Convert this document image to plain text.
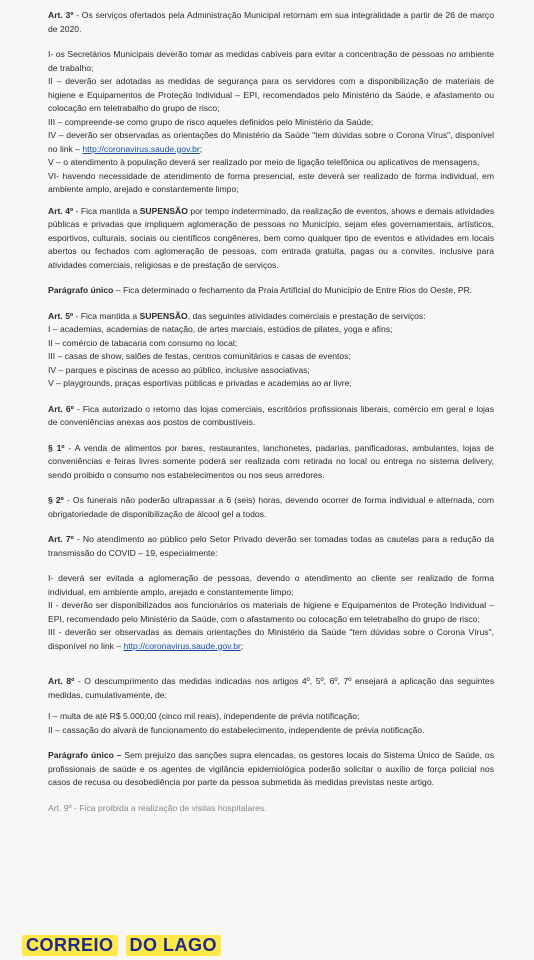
Art. 3º - Os serviços ofertados pela Administração Municipal retornam em sua integralidade a partir de 26 de março de 2020.

I- os Secretários Municipais deverão tomar as medidas cabíveis para evitar a concentração de pessoas no ambiente de trabalho;
II – deverão ser adotadas as medidas de segurança para os servidores com a disponibilização de materiais de higiene e Equipamentos de Proteção Individual – EPI, recomendados pelo Ministério da Saúde, e afastamento ou colocação em teletrabalho do grupo de risco;
III – compreende-se como grupo de risco aqueles definidos pelo Ministério da Saúde;
IV – deverão ser observadas as orientações do Ministério da Saúde "tem dúvidas sobre o Corona Vírus", disponível no link – http://coronavirus.saude.gov.br;
V – o atendimento à população deverá ser realizado por meio de ligação telefônica ou aplicativos de mensagens,
VI- havendo necessidade de atendimento de forma presencial, este deverá ser realizado de forma individual, em ambiente amplo, arejado e constantemente limpo;

Art. 4º - Fica mantida a SUPENSÃO por tempo indeterminado, da realização de eventos, shows e demais atividades públicas e privadas que impliquem aglomeração de pessoas no Município, sejam eles governamentais, artísticos, esportivos, culturais, sociais ou científicos congêneres, bem como qualquer tipo de eventos e atividades em locais abertos ou fechados com aglomeração de pessoas, com entrada gratuita, pagas ou a convites, inclusive para atividades comerciais, religiosas e de prestação de serviços.

Parágrafo único – Fica determinado o fechamento da Praia Artificial do Município de Entre Rios do Oeste, PR.

Art. 5º - Fica mantida a SUPENSÃO, das seguintes atividades comerciais e prestação de serviços:
I – academias, academias de natação, de artes marciais, estúdios de pilates, yoga e afins;
II – comércio de tabacaria com consumo no local;
III – casas de show, salões de festas, centros comunitários e casas de eventos;
IV – parques e piscinas de acesso ao público, inclusive associativas;
V – playgrounds, praças esportivas públicas e privadas e academias ao ar livre;

Art. 6º - Fica autorizado o retorno das lojas comerciais, escritórios profissionais liberais, comércio em geral e lojas de conveniências anexas aos postos de combustíveis.

§ 1º - A venda de alimentos por bares, restaurantes, lanchonetes, padarias, panificadoras, ambulantes, lojas de conveniências e feiras livres somente poderá ser realizada com retirada no local ou entrega no sistema delivery, sendo proibido o consumo nos estabelecimentos ou nos seus arredores.

§ 2º - Os funerais não poderão ultrapassar a 6 (seis) horas, devendo ocorrer de forma individual e alternada, com obrigatoriedade de disponibilização de álcool gel a todos.

Art. 7º - No atendimento ao público pelo Setor Privado deverão ser tomadas todas as cautelas para a redução da transmissão do COVID – 19, especialmente:

I- deverá ser evitada a aglomeração de pessoas, devendo o atendimento ao cliente ser realizado de forma individual, em ambiente amplo, arejado e constantemente limpo;
II - deverão ser disponibilizados aos funcionários os materiais de higiene e Equipamentos de Proteção Individual – EPI, recomendado pelo Ministério da Saúde, com o afastamento ou colocação em teletrabalho do grupo de risco;
III - deverão ser observadas as demais orientações do Ministério da Saúde "tem dúvidas sobre o Corona Vírus", disponível no link – http://coronavirus.saude.gov.br;

Art. 8º - O descumprimento das medidas indicadas nos artigos 4º, 5º, 6º, 7º ensejará a aplicação das seguintes medidas, cumulativamente, de:

I – multa de até R$ 5.000,00 (cinco mil reais), independente de prévia notificação;
II – cassação do alvará de funcionamento do estabelecimento, independente de prévia notificação.

Parágrafo único – Sem prejuízo das sanções supra elencadas, os gestores locais do Sistema Único de Saúde, os profissionais de saúde e os agentes de vigilância epidemiológica poderão solicitar o auxílio de força policial nos casos de recusa ou desobediência por parte da pessoa submetida às medidas previstas neste artigo.

Art. 9º - Fica proibida a realização de visitas hospitalares.

CORREIO DO LAGO
